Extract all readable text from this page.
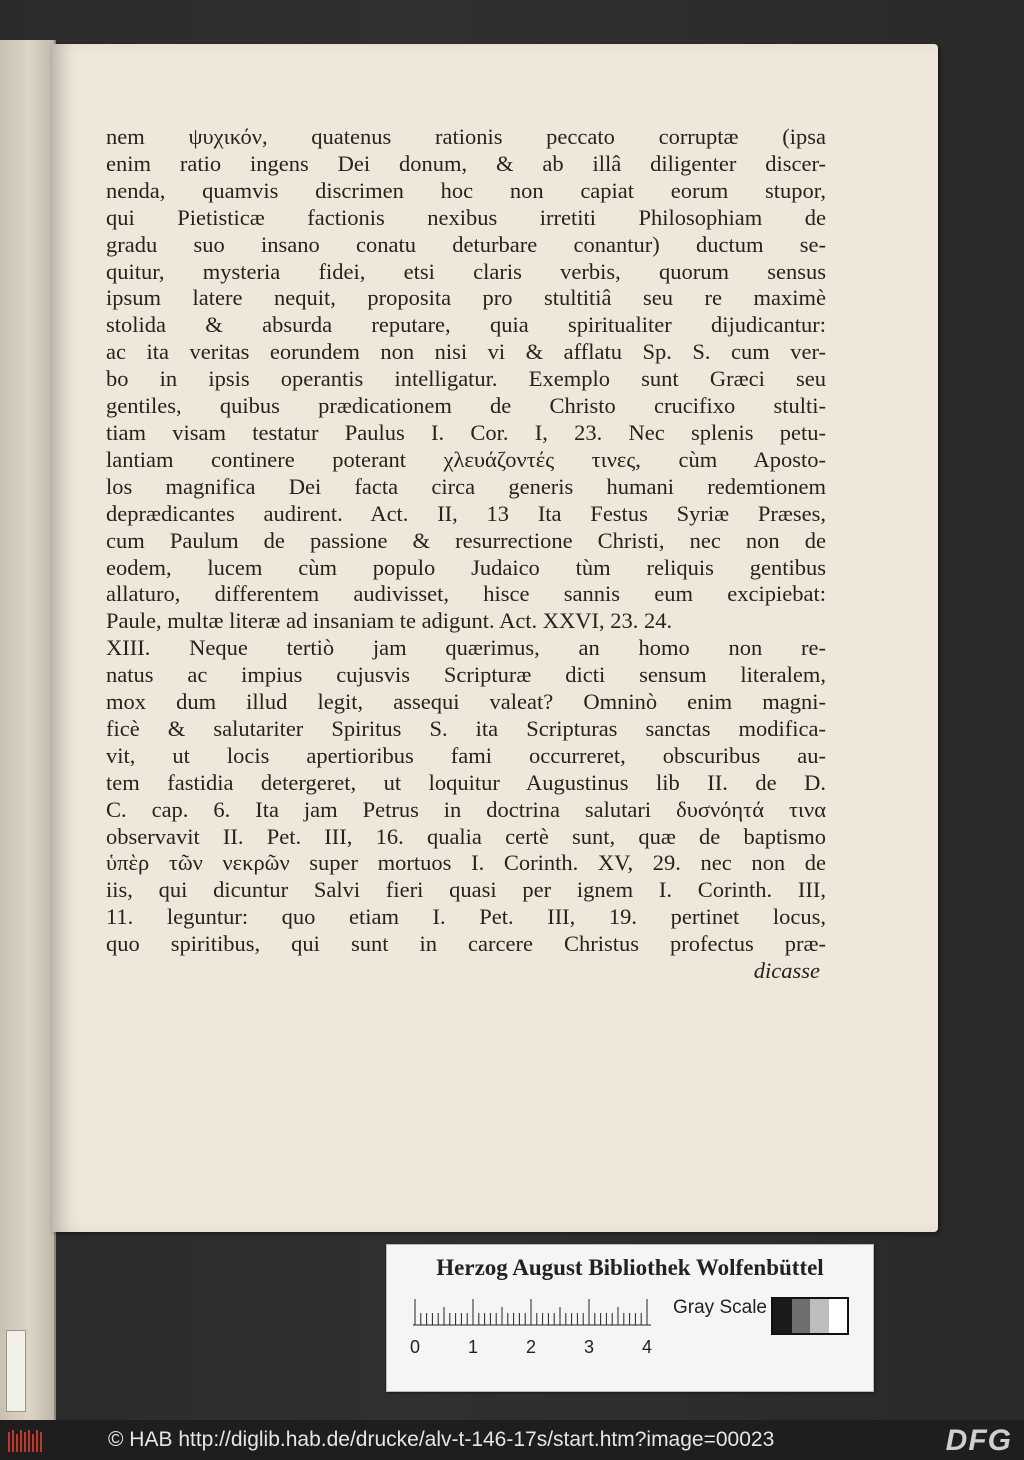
nem ψυχικόν, quatenus rationis peccato corruptæ (ipsa
enim ratio ingens Dei donum, & ab illâ diligenter discer-
nenda, quamvis discrimen hoc non capiat eorum stupor,
qui Pietisticæ factionis nexibus irretiti Philosophiam de
gradu suo insano conatu deturbare conantur) ductum se-
quitur, mysteria fidei, etsi claris verbis, quorum sensus
ipsum latere nequit, proposita pro stultitiâ seu re maximè
stolida & absurda reputare, quia spiritualiter dijudicantur:
ac ita veritas eorundem non nisi vi & afflatu Sp. S. cum ver-
bo in ipsis operantis intelligatur. Exemplo sunt Græci seu
gentiles, quibus prædicationem de Christo crucifixo stulti-
tiam visam testatur Paulus I. Cor. I, 23. Nec splenis petu-
lantiam continere poterant χλευάζοντές τινες, cùm Aposto-
los magnifica Dei facta circa generis humani redemtionem
deprædicantes audirent. Act. II, 13 Ita Festus Syriæ Præses,
cum Paulum de passione & resurrectione Christi, nec non de
eodem, lucem cùm populo Judaico tùm reliquis gentibus
allaturo, differentem audivisset, hisce sannis eum excipiebat:
Paule, multæ literæ ad insaniam te adigunt. Act. XXVI, 23. 24.
XIII. Neque tertiò jam quærimus, an homo non re-
natus ac impius cujusvis Scripturæ dicti sensum literalem,
mox dum illud legit, assequi valeat? Omninò enim magni-
ficè & salutariter Spiritus S. ita Scripturas sanctas modifica-
vit, ut locis apertioribus fami occurreret, obscuribus au-
tem fastidia detergeret, ut loquitur Augustinus lib II. de D.
C. cap. 6. Ita jam Petrus in doctrina salutari δυσνόητά τινα
observavit II. Pet. III, 16. qualia certè sunt, quæ de baptismo
ὑπὲρ τῶν νεκρῶν super mortuos I. Corinth. XV, 29. nec non de
iis, qui dicuntur Salvi fieri quasi per ignem I. Corinth. III,
11. leguntur: quo etiam I. Pet. III, 19. pertinet locus,
quo spiritibus, qui sunt in carcere Christus profectus præ-
dicasse
Herzog August Bibliothek Wolfenbüttel
0	1	2	3	4
Gray Scale
© HAB http://diglib.hab.de/drucke/alv-t-146-17s/start.htm?image=00023	DFG
